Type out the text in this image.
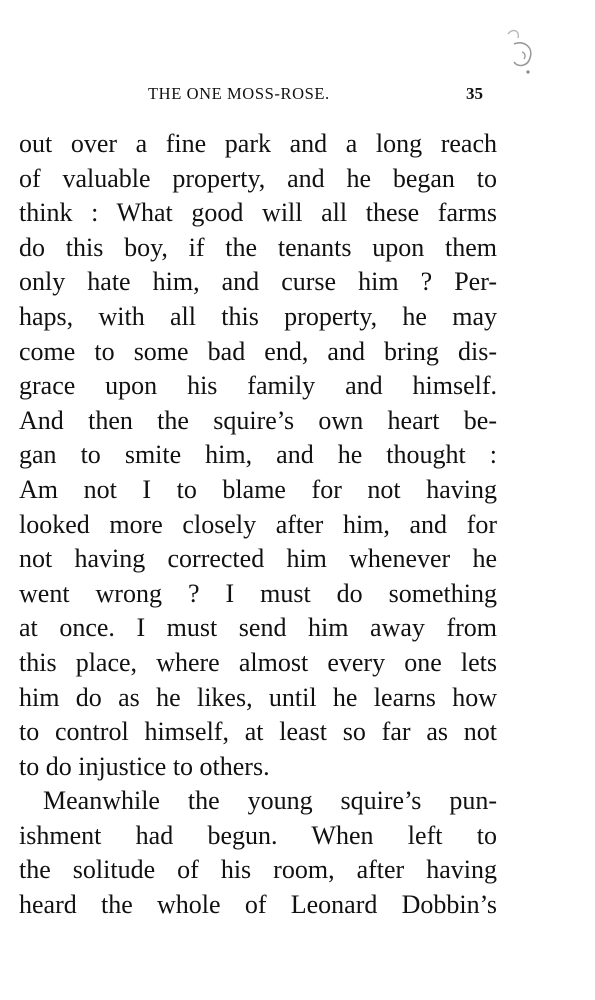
THE ONE MOSS-ROSE.	35
out over a fine park and a long reach
of valuable property, and he began to
think : What good will all these farms
do this boy, if the tenants upon them
only hate him, and curse him ? Per-
haps, with all this property, he may
come to some bad end, and bring dis-
grace upon his family and himself.
And then the squire’s own heart be-
gan to smite him, and he thought :
Am not I to blame for not having
looked more closely after him, and for
not having corrected him whenever he
went wrong ? I must do something
at once. I must send him away from
this place, where almost every one lets
him do as he likes, until he learns how
to control himself, at least so far as not
to do injustice to others.
Meanwhile the young squire’s pun-
ishment had begun. When left to
the solitude of his room, after having
heard the whole of Leonard Dobbin’s
